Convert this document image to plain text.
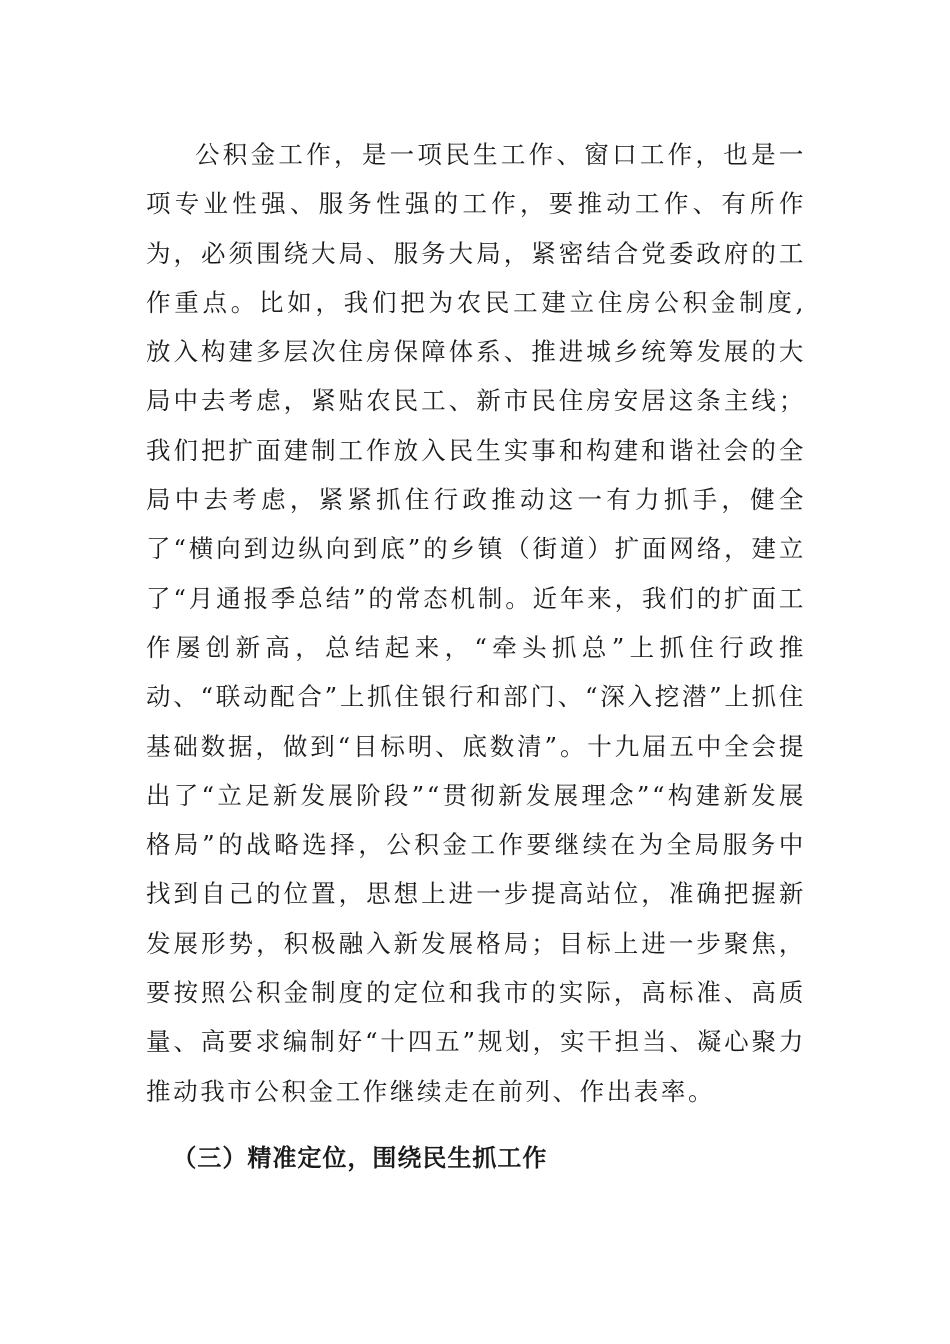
公积金工作，是一项民生工作、窗口工作，也是一项专业性强、服务性强的工作，要推动工作、有所作为，必须围绕大局、服务大局，紧密结合党委政府的工作重点。比如，我们把为农民工建立住房公积金制度,放入构建多层次住房保障体系、推进城乡统筹发展的大局中去考虑，紧贴农民工、新市民住房安居这条主线；我们把扩面建制工作放入民生实事和构建和谐社会的全局中去考虑，紧紧抓住行政推动这一有力抓手，健全了“横向到边纵向到底”的乡镇（街道）扩面网络，建立了“月通报季总结”的常态机制。近年来，我们的扩面工作屡创新高，总结起来，“牵头抓总”上抓住行政推动、“联动配合”上抓住银行和部门、“深入挖潜”上抓住基础数据，做到“目标明、底数清”。十九届五中全会提出了“立足新发展阶段”“贯彻新发展理念”“构建新发展格局”的战略选择，公积金工作要继续在为全局服务中找到自己的位置，思想上进一步提高站位，准确把握新发展形势，积极融入新发展格局；目标上进一步聚焦，要按照公积金制度的定位和我市的实际，高标准、高质量、高要求编制好“十四五”规划，实干担当、凝心聚力推动我市公积金工作继续走在前列、作出表率。

（三）精准定位，围绕民生抓工作
